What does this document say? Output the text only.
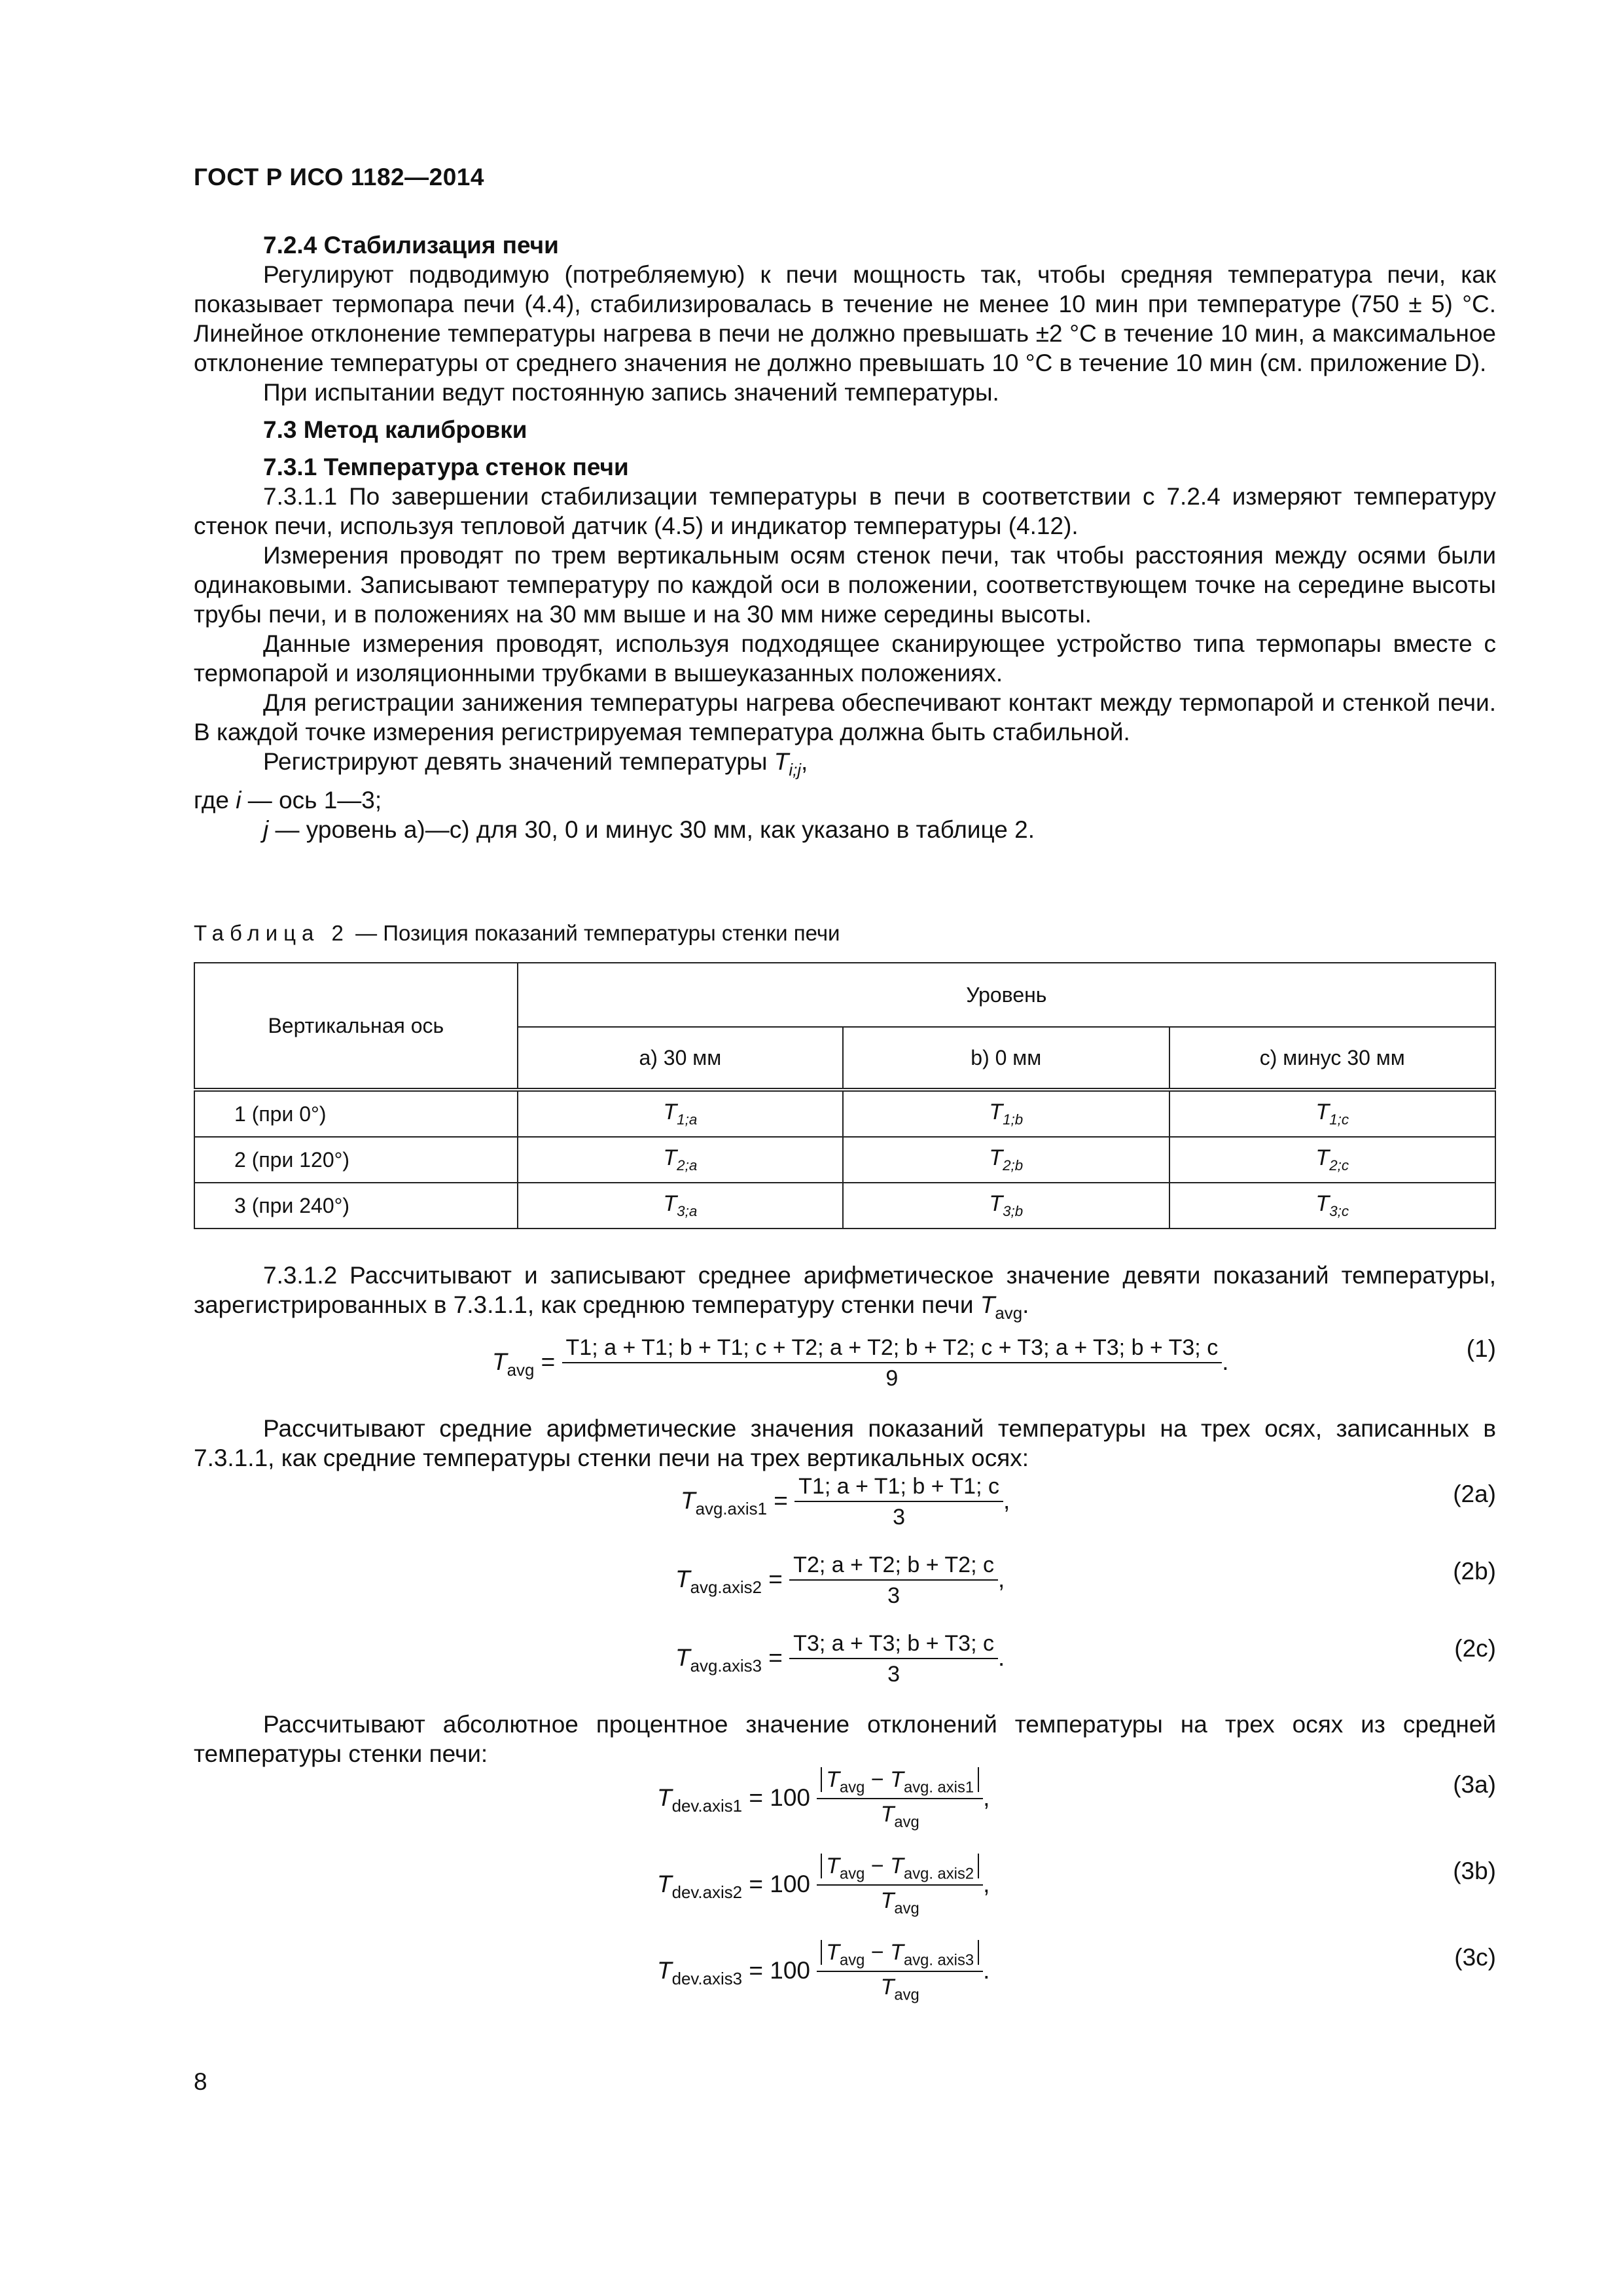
ГОСТ Р ИСО 1182—2014
7.2.4 Стабилизация печи

Регулируют подводимую (потребляемую) к печи мощность так, чтобы средняя температура печи, как показывает термопара печи (4.4), стабилизировалась в течение не менее 10 мин при температуре (750 ± 5) °С. Линейное отклонение температуры нагрева в печи не должно превышать ±2 °С в течение 10 мин, а максимальное отклонение температуры от среднего значения не должно превышать 10 °С в течение 10 мин (см. приложение D).

При испытании ведут постоянную запись значений температуры.

7.3 Метод калибровки
7.3.1 Температура стенок печи

7.3.1.1 По завершении стабилизации температуры в печи в соответствии с 7.2.4 измеряют температуру стенок печи, используя тепловой датчик (4.5) и индикатор температуры (4.12).

Измерения проводят по трем вертикальным осям стенок печи, так чтобы расстояния между осями были одинаковыми. Записывают температуру по каждой оси в положении, соответствующем точке на середине высоты трубы печи, и в положениях на 30 мм выше и на 30 мм ниже середины высоты.

Данные измерения проводят, используя подходящее сканирующее устройство типа термопары вместе с термопарой и изоляционными трубками в вышеуказанных положениях.

Для регистрации занижения температуры нагрева обеспечивают контакт между термопарой и стенкой печи. В каждой точке измерения регистрируемая температура должна быть стабильной.

Регистрируют девять значений температуры $T_{i;j}$,

где i — ось 1—3;

j — уровень а)—с) для 30, 0 и минус 30 мм, как указано в таблице 2.

Таблица 2 — Позиция показаний температуры стенки печи
Вертикальная ось	Уровень		
	а) 30 мм	b) 0 мм	с) минус 30 мм
1 (при 0°)	$T_{1;a}$	$T_{1;b}$	$T_{1;c}$
2 (при 120°)	$T_{2;a}$	$T_{2;b}$	$T_{2;c}$
3 (при 240°)	$T_{3;a}$	$T_{3;b}$	$T_{3;c}$

7.3.1.2 Рассчитывают и записывают среднее арифметическое значение девяти показаний температуры, зарегистрированных в 7.3.1.1, как среднюю температуру стенки печи $T_{avg}$.

$T_{avg}$ =
T1; a + T1; b + T1; c + T2; a + T2; b + T2; c + T3; a + T3; b + T3; c
9
.	(1)

Рассчитывают средние арифметические значения показаний температуры на трех осях, записанных в 7.3.1.1, как средние температуры стенки печи на трех вертикальных осях:

$T_{avg.axis1} = \frac{T1; a + T1; b + T1; c}{3}$ ,	(2a)
$T_{avg.axis2} = \frac{T2; a + T2; b + T2; c}{3}$ ,	(2b)
$T_{avg.axis3} = \frac{T3; a + T3; b + T3; c}{3}$ .	(2c)

Рассчитывают абсолютное процентное значение отклонений температуры на трех осях из средней температуры стенки печи:

$T_{dev.axis1} = 100 \frac{T_{avg} - T_{avg. axis1}}{T_{avg}}$ ,	(3a)
$T_{dev.axis2} = 100 \frac{T_{avg} - T_{avg. axis2}}{T_{avg}}$ ,	(3b)
$T_{dev.axis3} = 100 \frac{T_{avg} - T_{avg. axis3}}{T_{avg}}$ .	(3c)
8
